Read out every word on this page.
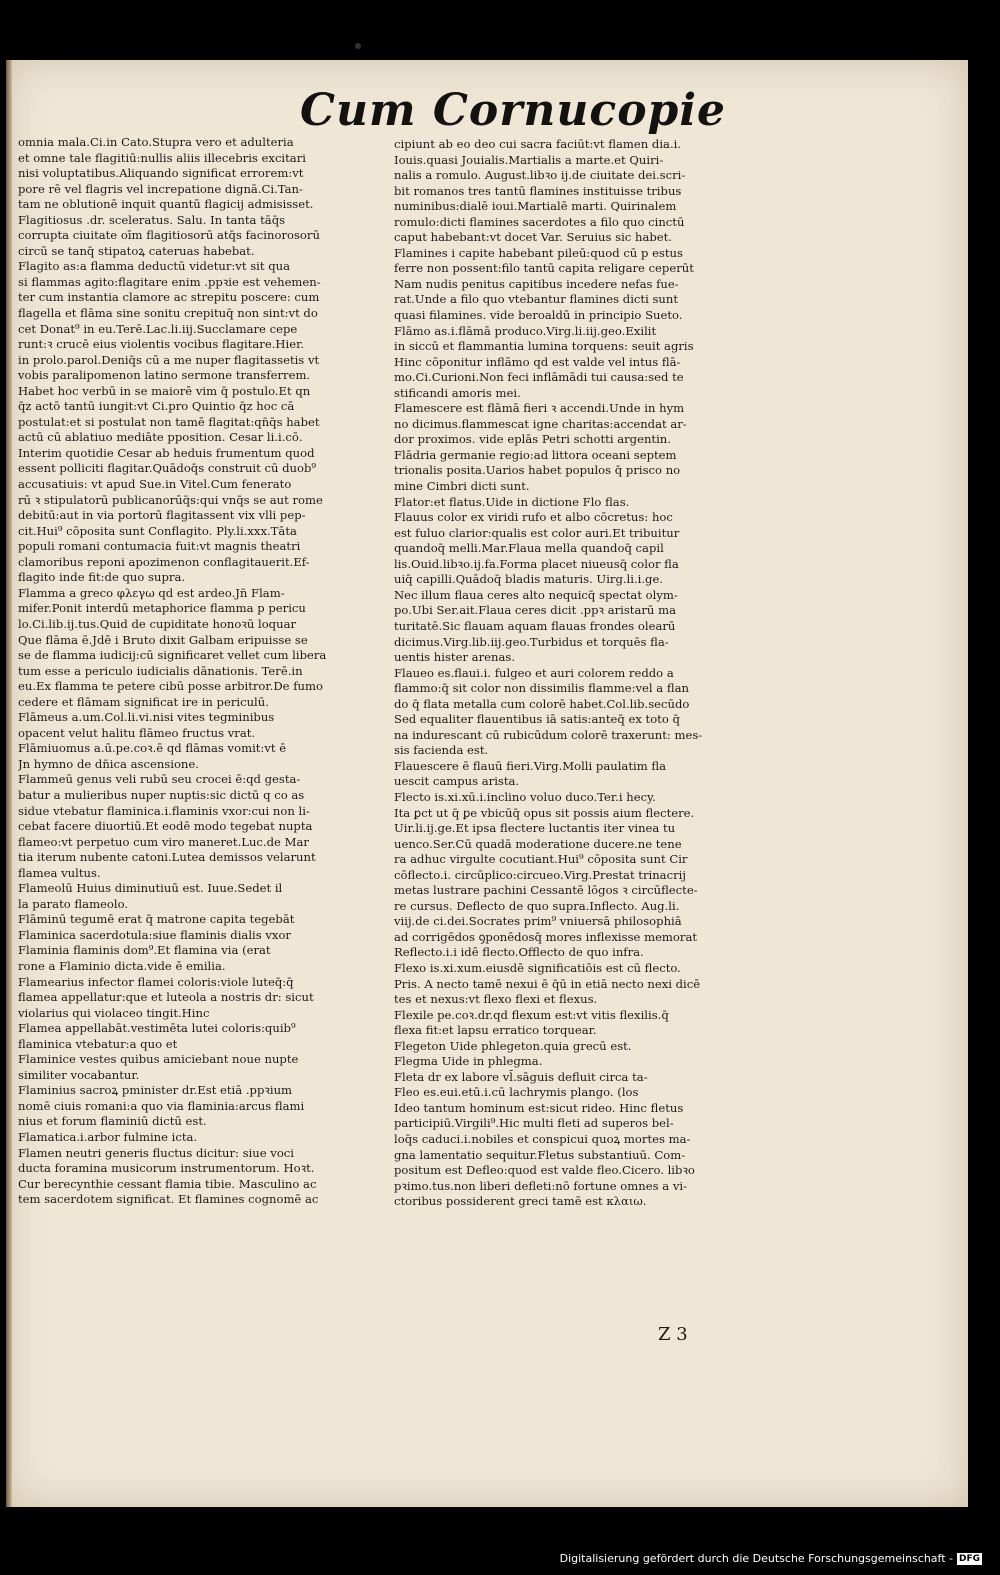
Cum Cornucopie
omnia mala.Ci.in Cato.Stupra vero et adulteria
et omne tale flagitiū:nullis aliis illecebris excitari
nisi voluptatibus.Aliquando significat errorem:vt
pore rē vel flagris vel increpatione dignā.Ci.Tan-
tam ne oblutionē inquit quantū flagicij admisisset.
Flagitiosus .dr. sceleratus. Salu. In tanta tāq̄s
corrupta ciuitate oīm flagitiosorū atq̄s facinorosorū
circū se tanq̄ stipatoꝝ cateruas habebat.
Flagito as:a flamma deductū videtur:vt sit qua
si flammas agito:flagitare enim .ppꝛie est vehemen-
ter cum instantia clamore ac strepitu poscere: cum
flagella et flāma sine sonitu crepituq̄ non sint:vt do
cet Donat⁹ in eu.Terē.Lac.li.iij.Succlamare cepe
runt:ꝛ crucē eius violentis vocibus flagitare.Hier.
in prolo.parol.Deniq̄s cū a me nuper flagitassetis vt
vobis paralipomenon latino sermone transferrem.
Habet hoc verbū in se maiorē vim q̄ postulo.Et qn
q̄z actō tantū iungit:vt Ci.pro Quintio q̄z hoc cā
postulat:et si postulat non tamē flagitat:qn̄q̄s habet
actū cū ablatiuo mediāte pposition. Cesar li.i.cō.
Interim quotidie Cesar ab heduis frumentum quod
essent polliciti flagitar.Quādoq̄s construit cū duob⁹
accusatiuis: vt apud Sue.in Vitel.Cum fenerato
rū ꝛ stipulatorū publicanorūq̄s:qui vnq̄s se aut rome
debitū:aut in via portorū flagitassent vix vlli pep-
cit.Hui⁹ cōposita sunt Conflagito. Ply.li.xxx.Tāta
populi romani contumacia fuit:vt magnis theatri
clamoribus reponi apozimenon conflagitauerit.Ef-
flagito inde fit:de quo supra.
Flamma a greco φλεγω qd est ardeo.Jn̄ Flam-
mifer.Ponit interdū metaphorice flamma p pericu
lo.Ci.lib.ij.tus.Quid de cupiditate honoꝛū loquar
Que flāma ē.Jdē i Bruto dixit Galbam eripuisse se
se de flamma iudicij:cū significaret vellet cum libera
tum esse a periculo iudicialis dānationis. Terē.in
eu.Ex flamma te petere cibū posse arbitror.De fumo
cedere et flāmam significat ire in periculū.
Flāmeus a.um.Col.li.vi.nisi vites tegminibus
opacent velut halitu flāmeo fructus vrat.
Flāmiuomus a.ū.pe.coꝛ.ē qd flāmas vomit:vt ē
Jn hymno de dn̄ica ascensione.
Flammeū genus veli rubū seu crocei ē:qd gesta-
batur a mulieribus nuper nuptis:sic dictū q co as
sidue vtebatur flaminica.i.flaminis vxor:cui non li-
cebat facere diuortiū.Et eodē modo tegebat nupta
flameo:vt perpetuo cum viro maneret.Luc.de Mar
tia iterum nubente catoni.Lutea demissos velarunt
flamea vultus.
Flameolū Huius diminutiuū est. Iuue.Sedet il
la parato flameolo.
Flāminū tegumē erat q̄ matrone capita tegebāt
Flaminica sacerdotula:siue flaminis dialis vxor
Flaminia flaminis dom⁹.Et flamina via (erat
rone a Flaminio dicta.vide ē emilia.
Flamearius infector flamei coloris:viole luteq̄:q̄
flamea appellatur:que et luteola a nostris dr: sicut
violarius qui violaceo tingit.Hinc
Flamea appellabāt.vestimēta lutei coloris:quib⁹
flaminica vtebatur:a quo et
Flaminice vestes quibus amiciebant noue nupte
similiter vocabantur.
Flaminius sacroꝝ pminister dr.Est etiā .ppꝛium
nomē ciuis romani:a quo via flaminia:arcus flami
nius et forum flaminiū dictū est.
Flamatica.i.arbor fulmine icta.
Flamen neutri generis fluctus dicitur: siue voci
ducta foramina musicorum instrumentorum. Hoꝛt.
Cur berecynthie cessant flamia tibie. Masculino ac
tem sacerdotem significat. Et flamines cognomē ac
cipiunt ab eo deo cui sacra faciūt:vt flamen dia.i.
Iouis.quasi Jouialis.Martialis a marte.et Quiri-
nalis a romulo. August.libꝛo ij.de ciuitate dei.scri-
bit romanos tres tantū flamines instituisse tribus
numinibus:dialē ioui.Martialē marti. Quirinalem
romulo:dicti flamines sacerdotes a filo quo cinctū
caput habebant:vt docet Var. Seruius sic habet.
Flamines i capite habebant pileū:quod cū p estus
ferre non possent:filo tantū capita religare ceperūt
Nam nudis penitus capitibus incedere nefas fue-
rat.Unde a filo quo vtebantur flamines dicti sunt
quasi filamines. vide beroaldū in principio Sueto.
Flāmo as.i.flāmā produco.Virg.li.iij.geo.Exilit
in siccū et flammantia lumina torquens: seuit agris
Hinc cōponitur inflāmo qd est valde vel intus flā-
mo.Ci.Curioni.Non feci inflāmādi tui causa:sed te
stificandi amoris mei.
Flamescere est flāmā fieri ꝛ accendi.Unde in hym
no dicimus.flammescat igne charitas:accendat ar-
dor proximos. vide eplās Petri schotti argentin.
Flādria germanie regio:ad littora oceani septem
trionalis posita.Uarios habet populos q̄ prisco no
mine Cimbri dicti sunt.
Flator:et flatus.Uide in dictione Flo flas.
Flauus color ex viridi rufo et albo cōcretus: hoc
est fuluo clarior:qualis est color auri.Et tribuitur
quandoq̄ melli.Mar.Flaua mella quandoq̄ capil
lis.Ouid.libꝛo.ij.fa.Forma placet niueusq̄ color fla
uiq̄ capilli.Quādoq̄ bladis maturis. Uirg.li.i.ge.
Nec illum flaua ceres alto nequicq̄ spectat olym-
po.Ubi Ser.ait.Flaua ceres dicit .ppꝛ aristarū ma
turitatē.Sic flauam aquam flauas frondes olearū
dicimus.Virg.lib.iij.geo.Turbidus et torquēs fla-
uentis hister arenas.
Flaueo es.flaui.i. fulgeo et auri colorem reddo a
flammo:q̄ sit color non dissimilis flamme:vel a flan
do q̄ flata metalla cum colorē habet.Col.lib.secūdo
Sed equaliter flauentibus iā satis:anteq̄ ex toto q̄
na indurescant cū rubicūdum colorē traxerunt: mes-
sis facienda est.
Flauescere ē flauū fieri.Virg.Molli paulatim fla
uescit campus arista.
Flecto is.xi.xū.i.inclino voluo duco.Ter.i hecy.
Ita ꝑct ut q̄ ꝑe vbicūq̄ opus sit possis aium flectere.
Uir.li.ij.ge.Et ipsa flectere luctantis iter vinea tu
uenco.Ser.Cū quadā moderatione ducere.ne tene
ra adhuc virgulte cocutiant.Hui⁹ cōposita sunt Cir
cōflecto.i. circūplico:circueo.Virg.Prestat trinacrij
metas lustrare pachini Cessantē lōgos ꝛ circūflecte-
re cursus. Deflecto de quo supra.Inflecto. Aug.li.
viij.de ci.dei.Socrates prim⁹ vniuersā philosophiā
ad corrigēdos ꝯponēdosq̄ mores inflexisse memorat
Reflecto.i.i idē flecto.Offlecto de quo infra.
Flexo is.xi.xum.eiusdē significatiōis est cū flecto.
Pris. A necto tamē nexui ē q̄ū in etiā necto nexi dicē
tes et nexus:vt flexo flexi et flexus.
Flexile pe.coꝛ.dr.qd flexum est:vt vitis flexilis.q̄
flexa fit:et lapsu erratico torquear.
Flegeton Uide phlegeton.quia grecū est.
Flegma Uide in phlegma.
Fleta dr ex labore vl̄.sāguis defluit circa ta-
Fleo es.eui.etū.i.cū lachrymis plango. (los
Ideo tantum hominum est:sicut rideo. Hinc fletus
participiū.Virgili⁹.Hic multi fleti ad superos bel-
loq̄s caduci.i.nobiles et conspicui quoꝝ mortes ma-
gna lamentatio sequitur.Fletus substantiuū. Com-
positum est Defleo:quod est valde fleo.Cicero. libꝛo
pꝛimo.tus.non liberi defleti:nō fortune omnes a vi-
ctoribus possiderent greci tamē est κλαιω.
Z 3
Digitalisierung gefördert durch die Deutsche Forschungsgemeinschaft - DFG
